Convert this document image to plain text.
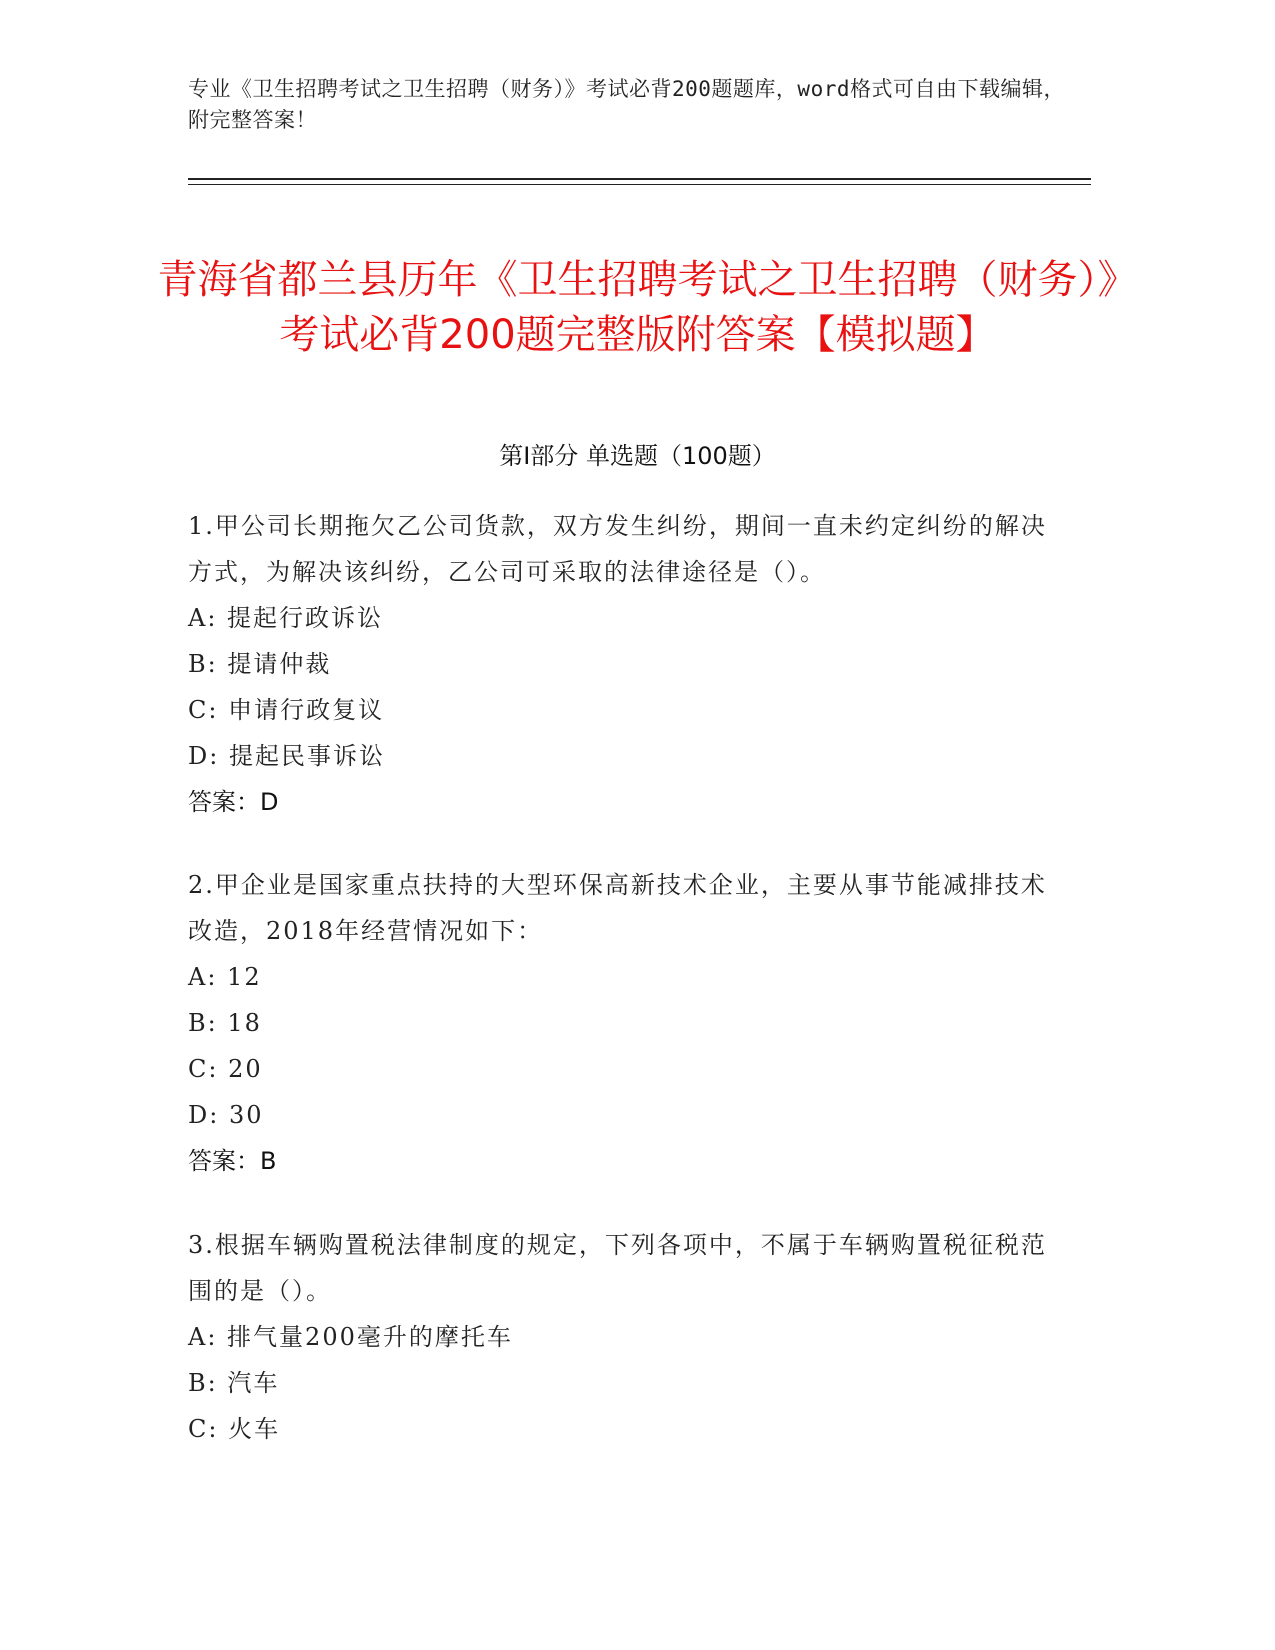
专业《卫生招聘考试之卫生招聘（财务）》考试必背200题题库，word格式可自由下载编辑，附完整答案！
青海省都兰县历年《卫生招聘考试之卫生招聘（财务）》考试必背200题完整版附答案【模拟题】
第I部分 单选题（100题）

1.甲公司长期拖欠乙公司货款，双方发生纠纷，期间一直未约定纠纷的解决方式，为解决该纠纷，乙公司可采取的法律途径是（）。

A: 提起行政诉讼

B: 提请仲裁

C: 申请行政复议

D: 提起民事诉讼

答案：D

2.甲企业是国家重点扶持的大型环保高新技术企业，主要从事节能减排技术改造，2018年经营情况如下：

A: 12

B: 18

C: 20

D: 30

答案：B

3.根据车辆购置税法律制度的规定，下列各项中，不属于车辆购置税征税范围的是（）。

A: 排气量200毫升的摩托车

B: 汽车

C: 火车
